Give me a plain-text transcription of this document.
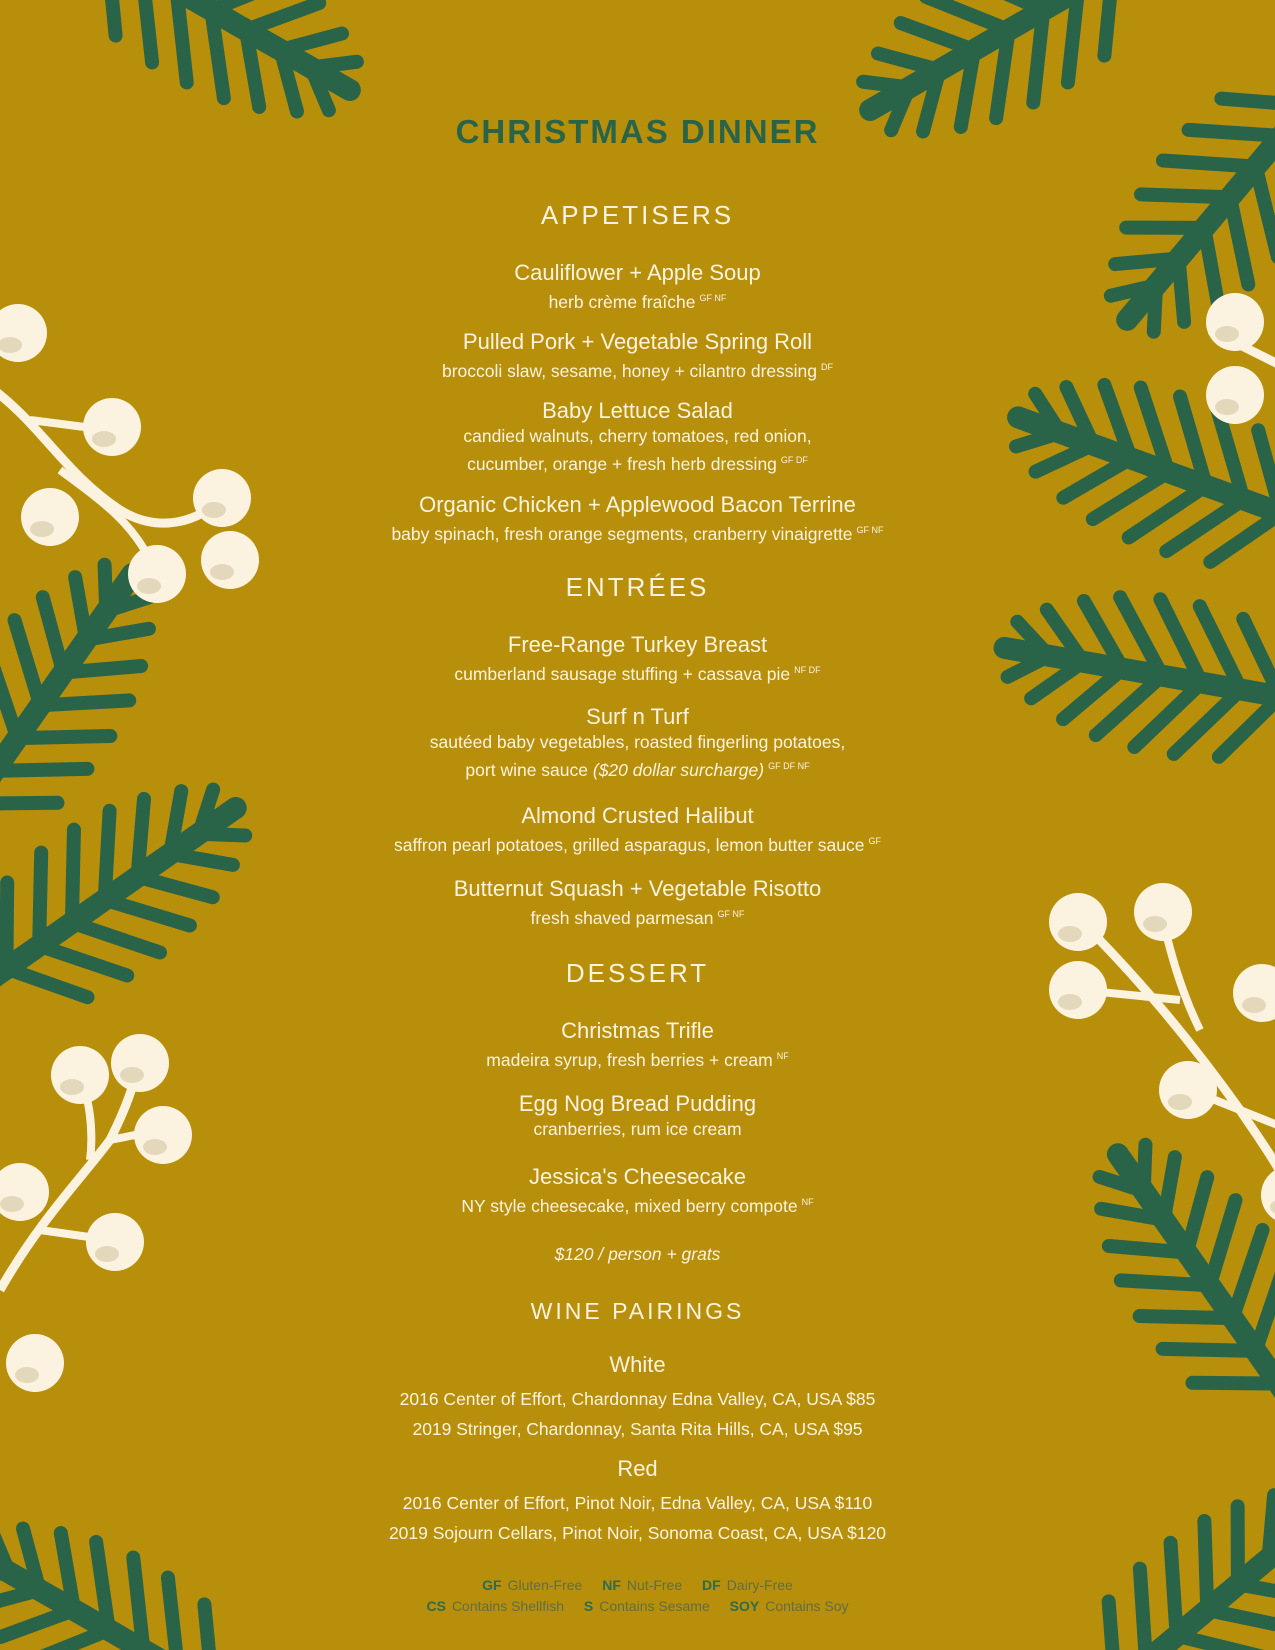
CHRISTMAS DINNER
APPETISERS
Cauliflower + Apple Soup
herb crème fraîche $^{GF NF}$
Pulled Pork + Vegetable Spring Roll
broccoli slaw, sesame, honey + cilantro dressing $^{DF}$
Baby Lettuce Salad
candied walnuts, cherry tomatoes, red onion,
cucumber, orange + fresh herb dressing $^{GF DF}$
Organic Chicken + Applewood Bacon Terrine
baby spinach, fresh orange segments, cranberry vinaigrette $^{GF NF}$
ENTRÉES
Free-Range Turkey Breast
cumberland sausage stuffing + cassava pie $^{NF DF}$
Surf n Turf
sautéed baby vegetables, roasted fingerling potatoes,
port wine sauce ($20 dollar surcharge) $^{GF DF NF}$
Almond Crusted Halibut
saffron pearl potatoes, grilled asparagus, lemon butter sauce $^{GF}$
Butternut Squash + Vegetable Risotto
fresh shaved parmesan $^{GF NF}$
DESSERT
Christmas Trifle
madeira syrup, fresh berries + cream $^{NF}$
Egg Nog Bread Pudding
cranberries, rum ice cream
Jessica's Cheesecake
NY style cheesecake, mixed berry compote $^{NF}$
$120 / person + grats
WINE PAIRINGS
White
2016 Center of Effort, Chardonnay Edna Valley, CA, USA $85
2019 Stringer, Chardonnay, Santa Rita Hills, CA, USA $95
Red
2016 Center of Effort, Pinot Noir, Edna Valley, CA, USA $110
2019 Sojourn Cellars, Pinot Noir, Sonoma Coast, CA, USA $120
GF Gluten-Free NF Nut-Free DF Dairy-Free
CS Contains Shellfish S Contains Sesame SOY Contains Soy
